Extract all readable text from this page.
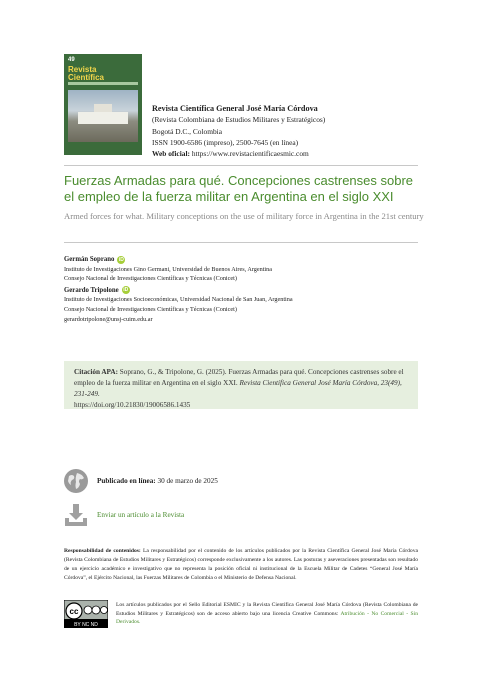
49
Revista
Científica
Revista Científica General José María Córdova
(Revista Colombiana de Estudios Militares y Estratégicos)
Bogotá D.C., Colombia
ISSN 1900-6586 (impreso), 2500-7645 (en línea)
Web oficial: https://www.revistacientificaesmic.com
Fuerzas Armadas para qué. Concepciones castrenses sobre el empleo de la fuerza militar en Argentina en el siglo XXI
Armed forces for what. Military conceptions on the use of military force in Argentina in the 21st century
Germán Soprano iD
Instituto de Investigaciones Gino Germani, Universidad de Buenos Aires, Argentina
Consejo Nacional de Investigaciones Científicas y Técnicas (Conicet)
Gerardo Tripolone iD
Instituto de Investigaciones Socioeconómicas, Universidad Nacional de San Juan, Argentina
Consejo Nacional de Investigaciones Científicas y Técnicas (Conicet)
gerardotripolone@unsj-cuim.edu.ar
Citación APA: Soprano, G., & Tripolone, G. (2025). Fuerzas Armadas para qué. Concepciones castrenses sobre el empleo de la fuerza militar en Argentina en el siglo XXI. Revista Científica General José María Córdova, 23(49), 231-249.
https://doi.org/10.21830/19006586.1435
Publicado en línea: 30 de marzo de 2025
Enviar un artículo a la Revista
Responsabilidad de contenidos: La responsabilidad por el contenido de los artículos publicados por la Revista Científica General José María Córdova (Revista Colombiana de Estudios Militares y Estratégicos) corresponde exclusivamente a los autores. Las posturas y aseveraciones presentadas son resultado de un ejercicio académico e investigativo que no representa la posición oficial ni institucional de la Escuela Militar de Cadetes “General José María Córdova”, el Ejército Nacional, las Fuerzas Militares de Colombia o el Ministerio de Defensa Nacional.
cc
BY NC ND
Los artículos publicados por el Sello Editorial ESMIC y la Revista Científica General José María Córdova (Revista Colombiana de Estudios Militares y Estratégicos) son de acceso abierto bajo una licencia Creative Commons: Atribución - No Comercial - Sin Derivados.
